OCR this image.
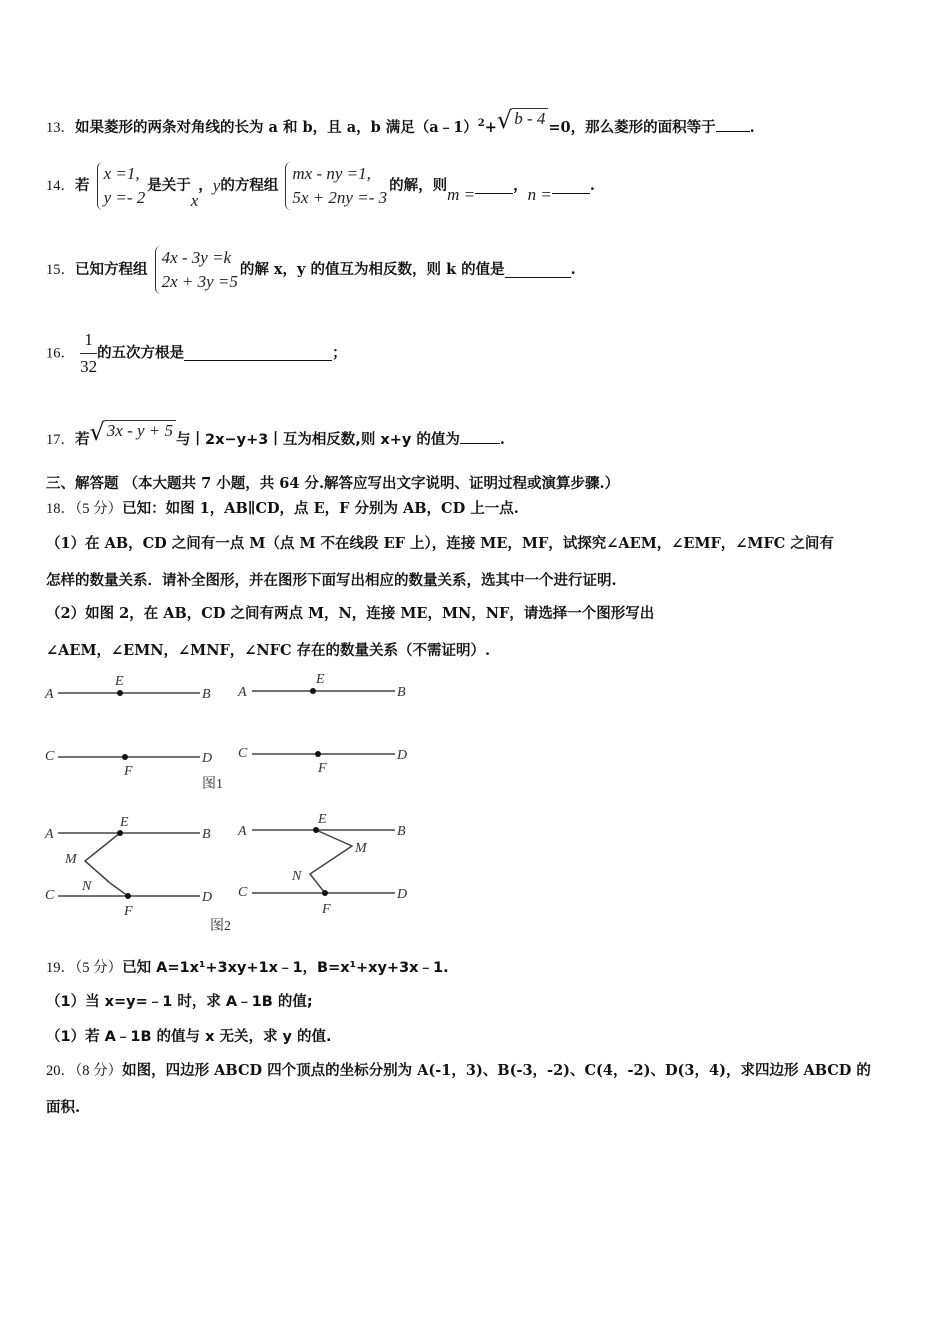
13．如果菱形的两条对角线的长为 a 和 b，且 a，b 满足（a﹣1）$^2$+√ b - 4 =0，那么菱形的面积等于 .
14．若
x =1,
y =- 2
是关于x，y的方程组
mx - ny =1,
5x + 2ny =- 3
的解，则m =	，n =	.
15．已知方程组
4x - 3y =k
2x + 3y =5
的解 x，y 的值互为相反数，则 k 的值是	.
16． $\frac{1}{32}$ 的五次方根是	；
17．若√ 3x - y + 5 与丨2x−y+3丨互为相反数,则 x+y 的值为	.
三、解答题 （本大题共 7 小题，共 64 分.解答应写出文字说明、证明过程或演算步骤.）
18．（5 分）已知：如图 1，AB∥CD，点 E，F 分别为 AB，CD 上一点.
（1）在 AB，CD 之间有一点 M（点 M 不在线段 EF 上），连接 ME，MF，试探究∠AEM，∠EMF，∠MFC 之间有
怎样的数量关系．请补全图形，并在图形下面写出相应的数量关系，选其中一个进行证明.
（2）如图 2，在 AB，CD 之间有两点 M，N，连接 ME，MN，NF，请选择一个图形写出
∠AEM，∠EMN，∠MNF，∠NFC 存在的数量关系（不需证明）.
A	B
E
C	D
F
图1
A	B
E
C	D
F
A	B
E
M
N
C	D
F
图2
A	B
E
M
N
C	D
F
19．（5 分）已知 A=1x¹+3xy+1x﹣1，B=x¹+xy+3x﹣1.
（1）当 x=y=﹣1 时，求 A﹣1B 的值;
（1）若 A﹣1B 的值与 x 无关，求 y 的值.
20．（8 分）如图，四边形 ABCD 四个顶点的坐标分别为 A(-1，3)、B(-3，-2)、C(4，-2)、D(3，4)，求四边形 ABCD 的
面积.
